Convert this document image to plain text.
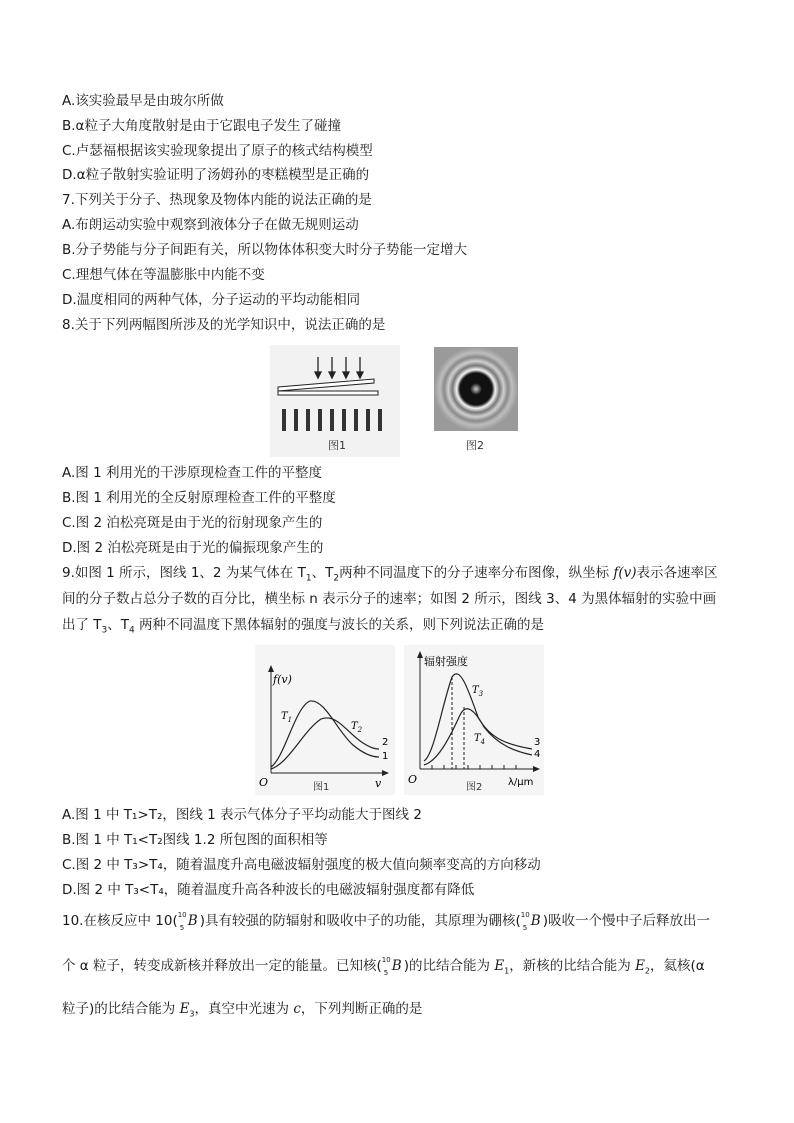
A.该实验最早是由玻尔所做
B.α粒子大角度散射是由于它跟电子发生了碰撞
C.卢瑟福根据该实验现象提出了原子的核式结构模型
D.α粒子散射实验证明了汤姆孙的枣糕模型是正确的
7.下列关于分子、热现象及物体内能的说法正确的是
A.布朗运动实验中观察到液体分子在做无规则运动
B.分子势能与分子间距有关，所以物体体积变大时分子势能一定增大
C.理想气体在等温膨胀中内能不变
D.温度相同的两种气体，分子运动的平均动能相同
8.关于下列两幅图所涉及的光学知识中，说法正确的是
图1	图2
A.图 1 利用光的干涉原现检查工件的平整度
B.图 1 利用光的全反射原理检查工件的平整度
C.图 2 泊松亮斑是由于光的衍射现象产生的
D.图 2 泊松亮斑是由于光的偏振现象产生的
9.如图 1 所示，图线 1、2 为某气体在 $T_1$、$T_2$两种不同温度下的分子速率分布图像，纵坐标 f(v)表示各速率区
间的分子数占总分子数的百分比，横坐标 n 表示分子的速率；如图 2 所示，图线 3、4 为黑体辐射的实验中画
出了 $T_3$、$T_4$ 两种不同温度下黑体辐射的强度与波长的关系，则下列说法正确的是
f(v)
v
O
$T_1$
$T_2$
2
1
图1
辐射强度
λ/μm
O
$T_3$
$T_4$	3
4
图2
A.图 1 中 T₁>T₂，图线 1 表示气体分子平均动能大于图线 2
B.图 1 中 T₁<T₂图线 1.2 所包图的面积相等
C.图 2 中 T₃>T₄，随着温度升高电磁波辐射强度的极大值向频率变高的方向移动
D.图 2 中 T₃<T₄，随着温度升高各种波长的电磁波辐射强度都有降低
10.在核反应中 10( 10
5 B )具有较强的防辐射和吸收中子的功能，其原理为硼核( 10
5 B )吸收一个慢中子后释放出一
个 α 粒子，转变成新核并释放出一定的能量。已知核( 10
5 B )的比结合能为 $E_1$，新核的比结合能为 $E_2$，氦核(α
粒子)的比结合能为 $E_3$，真空中光速为 c，下列判断正确的是
